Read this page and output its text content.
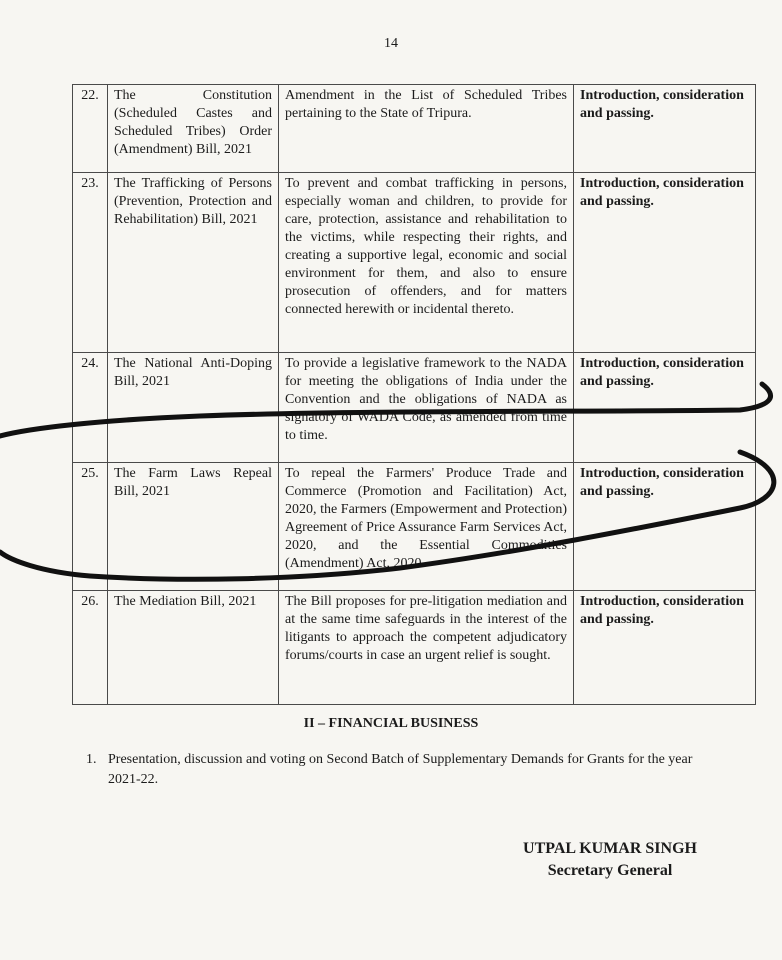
14
22.	The Constitution (Scheduled Castes and Scheduled Tribes) Order (Amendment) Bill, 2021	Amendment in the List of Scheduled Tribes pertaining to the State of Tripura.	Introduction, consideration and passing.
23.	The Trafficking of Persons (Prevention, Protection and Rehabilitation) Bill, 2021	To prevent and combat trafficking in persons, especially woman and children, to provide for care, protection, assistance and rehabilitation to the victims, while respecting their rights, and creating a supportive legal, economic and social environment for them, and also to ensure prosecution of offenders, and for matters connected herewith or incidental thereto.	Introduction, consideration and passing.
24.	The National Anti-Doping Bill, 2021	To provide a legislative framework to the NADA for meeting the obligations of India under the Convention and the obligations of NADA as signatory of WADA Code, as amended from time to time.	Introduction, consideration and passing.
25.	The Farm Laws Repeal Bill, 2021	To repeal the Farmers' Produce Trade and Commerce (Promotion and Facilitation) Act, 2020, the Farmers (Empowerment and Protection) Agreement of Price Assurance Farm Services Act, 2020, and the Essential Commodities (Amendment) Act, 2020.	Introduction, consideration and passing.
26.	The Mediation Bill, 2021	The Bill proposes for pre-litigation mediation and at the same time safeguards in the interest of the litigants to approach the competent adjudicatory forums/courts in case an urgent relief is sought.	Introduction, consideration and passing.
II – FINANCIAL BUSINESS
1. Presentation, discussion and voting on Second Batch of Supplementary Demands for Grants for the year 2021-22.
UTPAL KUMAR SINGH
Secretary General
